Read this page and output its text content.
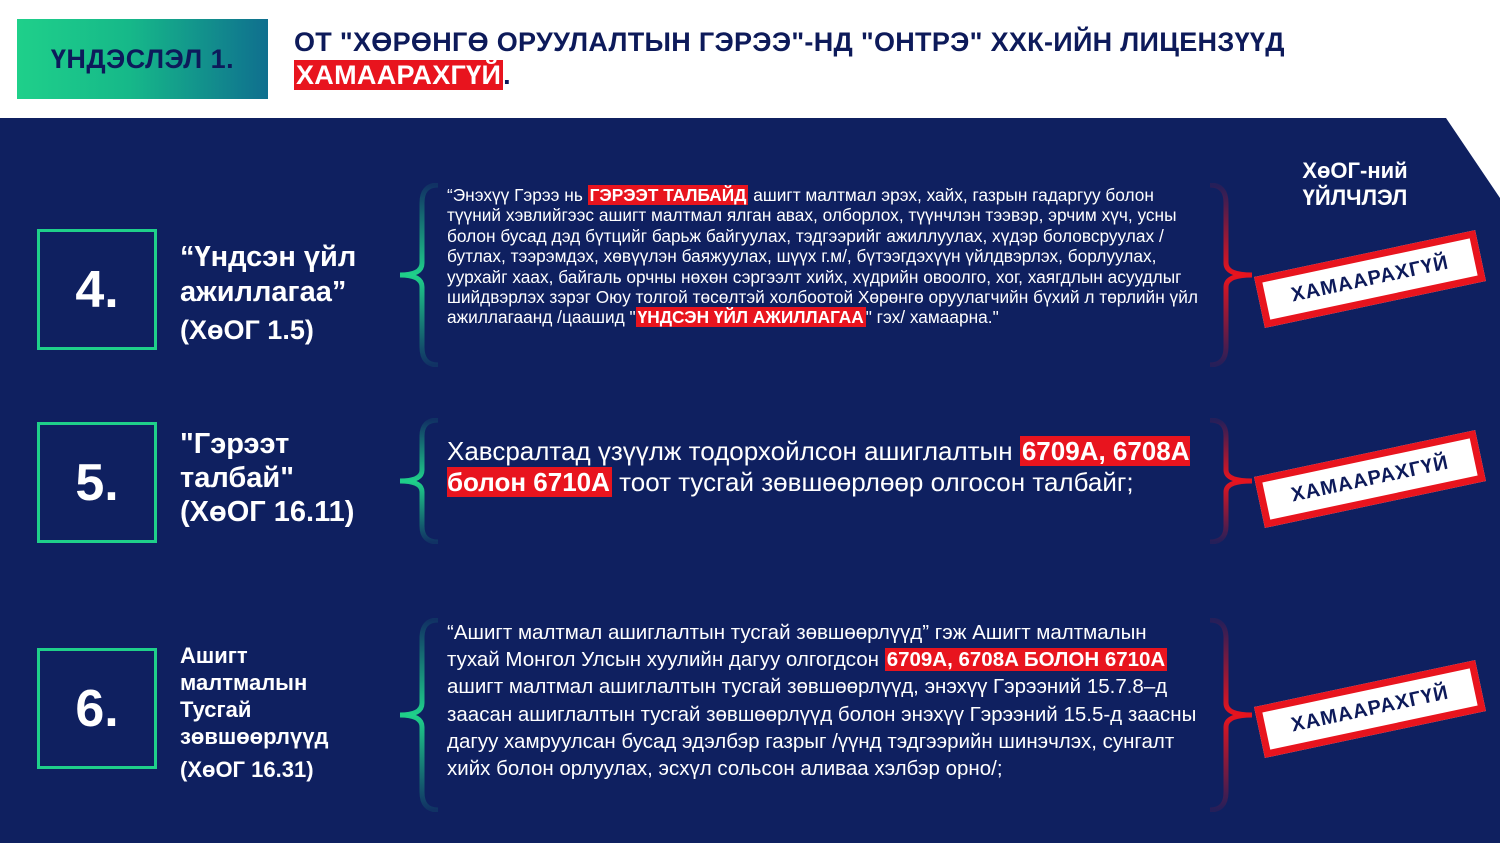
ҮНДЭСЛЭЛ 1.
ОТ "ХӨРӨНГӨ ОРУУЛАЛТЫН ГЭРЭЭ"-НД "ОНТРЭ" ХХК-ИЙН ЛИЦЕНЗҮҮД ХАМААРАХГҮЙ.
ХөОГ-ний
ҮЙЛЧЛЭЛ
4.
“Үндсэн үйл
ажиллагаа”
(ХөОГ 1.5)
“Энэхүү Гэрээ нь ГЭРЭЭТ ТАЛБАЙД ашигт малтмал эрэх, хайх, газрын гадаргуу болон түүний хэвлийгээс ашигт малтмал ялган авах, олборлох, түүнчлэн тээвэр, эрчим хүч, усны болон бусад дэд бүтцийг барьж байгуулах, тэдгээрийг ажиллуулах, хүдэр боловсруулах /бутлах, тээрэмдэх, хөвүүлэн баяжуулах, шүүх г.м/, бүтээгдэхүүн үйлдвэрлэх, борлуулах, уурхайг хаах, байгаль орчны нөхөн сэргээлт хийх, хүдрийн овоолго, хог, хаягдлын асуудлыг шийдвэрлэх зэрэг Оюу толгой төсөлтэй холбоотой Хөрөнгө оруулагчийн бүхий л төрлийн үйл ажиллагаанд /цаашид " ҮНДСЭН ҮЙЛ АЖИЛЛАГАА " гэх/ хамаарна."
ХАМААРАХГҮЙ
5.
"Гэрээт
талбай"
(ХөОГ 16.11)
Хавсралтад үзүүлж тодорхойлсон ашиглалтын 6709A, 6708A болон 6710A тоот тусгай зөвшөөрлөөр олгосон талбайг;	ХАМААРАХГҮЙ
6.
Ашигт
малтмалын
Тусгай
зөвшөөрлүүд
(ХөОГ 16.31)
“Ашигт малтмал ашиглалтын тусгай зөвшөөрлүүд” гэж Ашигт малтмалын тухай Монгол Улсын хуулийн дагуу олгогдсон 6709A, 6708A БОЛОН 6710A ашигт малтмал ашиглалтын тусгай зөвшөөрлүүд, энэхүү Гэрээний 15.7.8–д заасан ашиглалтын тусгай зөвшөөрлүүд болон энэхүү Гэрээний 15.5-д заасны дагуу хамруулсан бусад эдэлбэр газрыг /үүнд тэдгээрийн шинэчлэх, сунгалт хийх болон орлуулах, эсхүл сольсон аливаа хэлбэр орно/;
ХАМААРАХГҮЙ
